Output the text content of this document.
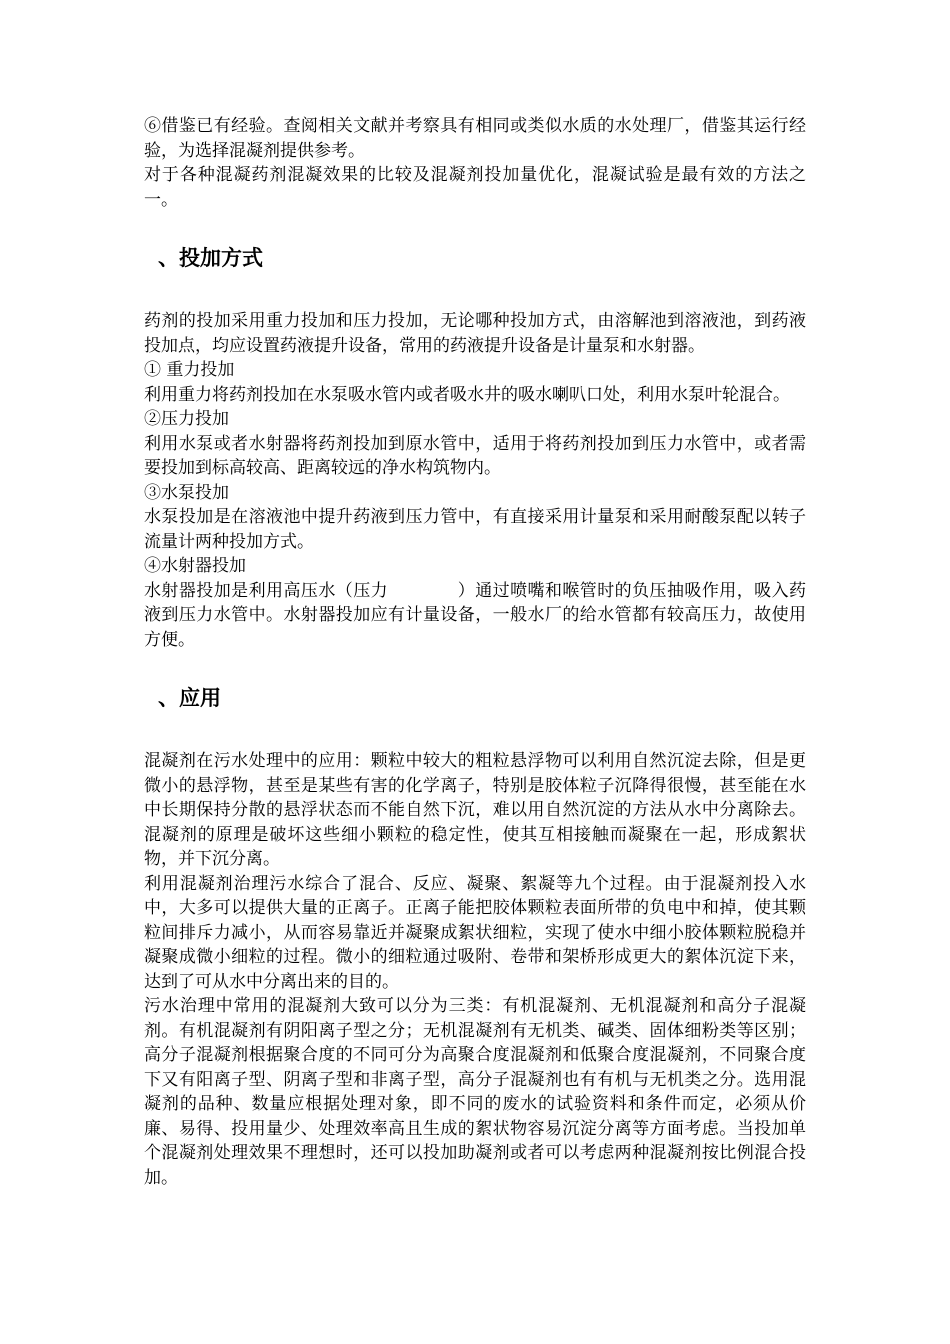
⑥借鉴已有经验。查阅相关文献并考察具有相同或类似水质的水处理厂，借鉴其运行经验，为选择混凝剂提供参考。

对于各种混凝药剂混凝效果的比较及混凝剂投加量优化，混凝试验是最有效的方法之一。

、投加方式

药剂的投加采用重力投加和压力投加，无论哪种投加方式，由溶解池到溶液池，到药液投加点，均应设置药液提升设备，常用的药液提升设备是计量泵和水射器。

① 重力投加

利用重力将药剂投加在水泵吸水管内或者吸水井的吸水喇叭口处，利用水泵叶轮混合。

②压力投加

利用水泵或者水射器将药剂投加到原水管中，适用于将药剂投加到压力水管中，或者需要投加到标高较高、距离较远的净水构筑物内。

③水泵投加

水泵投加是在溶液池中提升药液到压力管中，有直接采用计量泵和采用耐酸泵配以转子流量计两种投加方式。

④水射器投加

水射器投加是利用高压水（压力　　　　）通过喷嘴和喉管时的负压抽吸作用，吸入药液到压力水管中。水射器投加应有计量设备，一般水厂的给水管都有较高压力，故使用方便。

、应用

混凝剂在污水处理中的应用：颗粒中较大的粗粒悬浮物可以利用自然沉淀去除，但是更微小的悬浮物，甚至是某些有害的化学离子，特别是胶体粒子沉降得很慢，甚至能在水中长期保持分散的悬浮状态而不能自然下沉，难以用自然沉淀的方法从水中分离除去。混凝剂的原理是破坏这些细小颗粒的稳定性，使其互相接触而凝聚在一起，形成絮状物，并下沉分离。

利用混凝剂治理污水综合了混合、反应、凝聚、絮凝等九个过程。由于混凝剂投入水中，大多可以提供大量的正离子。正离子能把胶体颗粒表面所带的负电中和掉，使其颗粒间排斥力减小，从而容易靠近并凝聚成絮状细粒，实现了使水中细小胶体颗粒脱稳并凝聚成微小细粒的过程。微小的细粒通过吸附、卷带和架桥形成更大的絮体沉淀下来，达到了可从水中分离出来的目的。

污水治理中常用的混凝剂大致可以分为三类：有机混凝剂、无机混凝剂和高分子混凝剂。有机混凝剂有阴阳离子型之分；无机混凝剂有无机类、碱类、固体细粉类等区别；高分子混凝剂根据聚合度的不同可分为高聚合度混凝剂和低聚合度混凝剂，不同聚合度下又有阳离子型、阴离子型和非离子型，高分子混凝剂也有有机与无机类之分。选用混凝剂的品种、数量应根据处理对象，即不同的废水的试验资料和条件而定，必须从价廉、易得、投用量少、处理效率高且生成的絮状物容易沉淀分离等方面考虑。当投加单个混凝剂处理效果不理想时，还可以投加助凝剂或者可以考虑两种混凝剂按比例混合投加。
